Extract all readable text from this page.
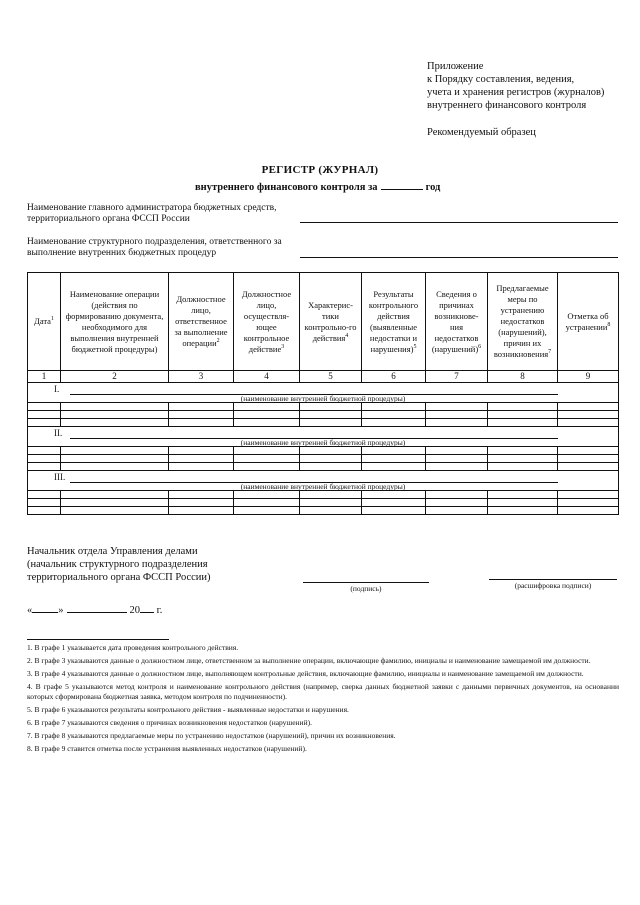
Приложение
к Порядку составления, ведения,
учета и хранения регистров (журналов)
внутреннего финансового контроля
Рекомендуемый образец
РЕГИСТР (ЖУРНАЛ)
внутреннего финансового контроля за	год
Наименование главного администратора бюджетных средств,
территориального органа ФССП России
Наименование структурного подразделения, ответственного за
выполнение внутренних бюджетных процедур
Дата$^1$	Наименование операции (действия по формированию документа, необходимого для выполнения внутренней бюджетной процедуры)	Должностное лицо, ответственное за выполнение операции$^2$	Должностное лицо, осуществля-ющее контрольное действие$^3$	Характерис-тики контрольно-го действия$^4$	Результаты контрольного действия (выявленные недостатки и нарушения)$^5$	Сведения о причинах возникнове-ния недостатков (нарушений)$^6$	Предлагаемые меры по устранению недостатков (нарушений), причин их возникновения$^7$	Отметка об устранении$^8$
1	2	3	4	5	6	7	8	9

I.
(наименование внутренней бюджетной процедуры)								

II.
(наименование внутренней бюджетной процедуры)								

III.
(наименование внутренней бюджетной процедуры)								

Начальник отдела Управления делами
(начальник структурного подразделения
территориального органа ФССП России)
(подпись)	(расшифровка подписи)
« »	20 г.
1. В графе 1 указывается дата проведения контрольного действия.
2. В графе 3 указываются данные о должностном лице, ответственном за выполнение операции, включающие фамилию, инициалы и наименование замещаемой им должности.
3. В графе 4 указываются данные о должностном лице, выполняющем контрольные действия, включающие фамилию, инициалы и наименование замещаемой им должности.
4. В графе 5 указываются метод контроля и наименование контрольного действия (например, сверка данных бюджетной заявки с данными первичных документов, на основании которых сформирована бюджетная заявка, методом контроля по подчиненности).
5. В графе 6 указываются результаты контрольного действия - выявленные недостатки и нарушения.
6. В графе 7 указываются сведения о причинах возникновения недостатков (нарушений).
7. В графе 8 указываются предлагаемые меры по устранению недостатков (нарушений), причин их возникновения.
8. В графе 9 ставится отметка после устранения выявленных недостатков (нарушений).
